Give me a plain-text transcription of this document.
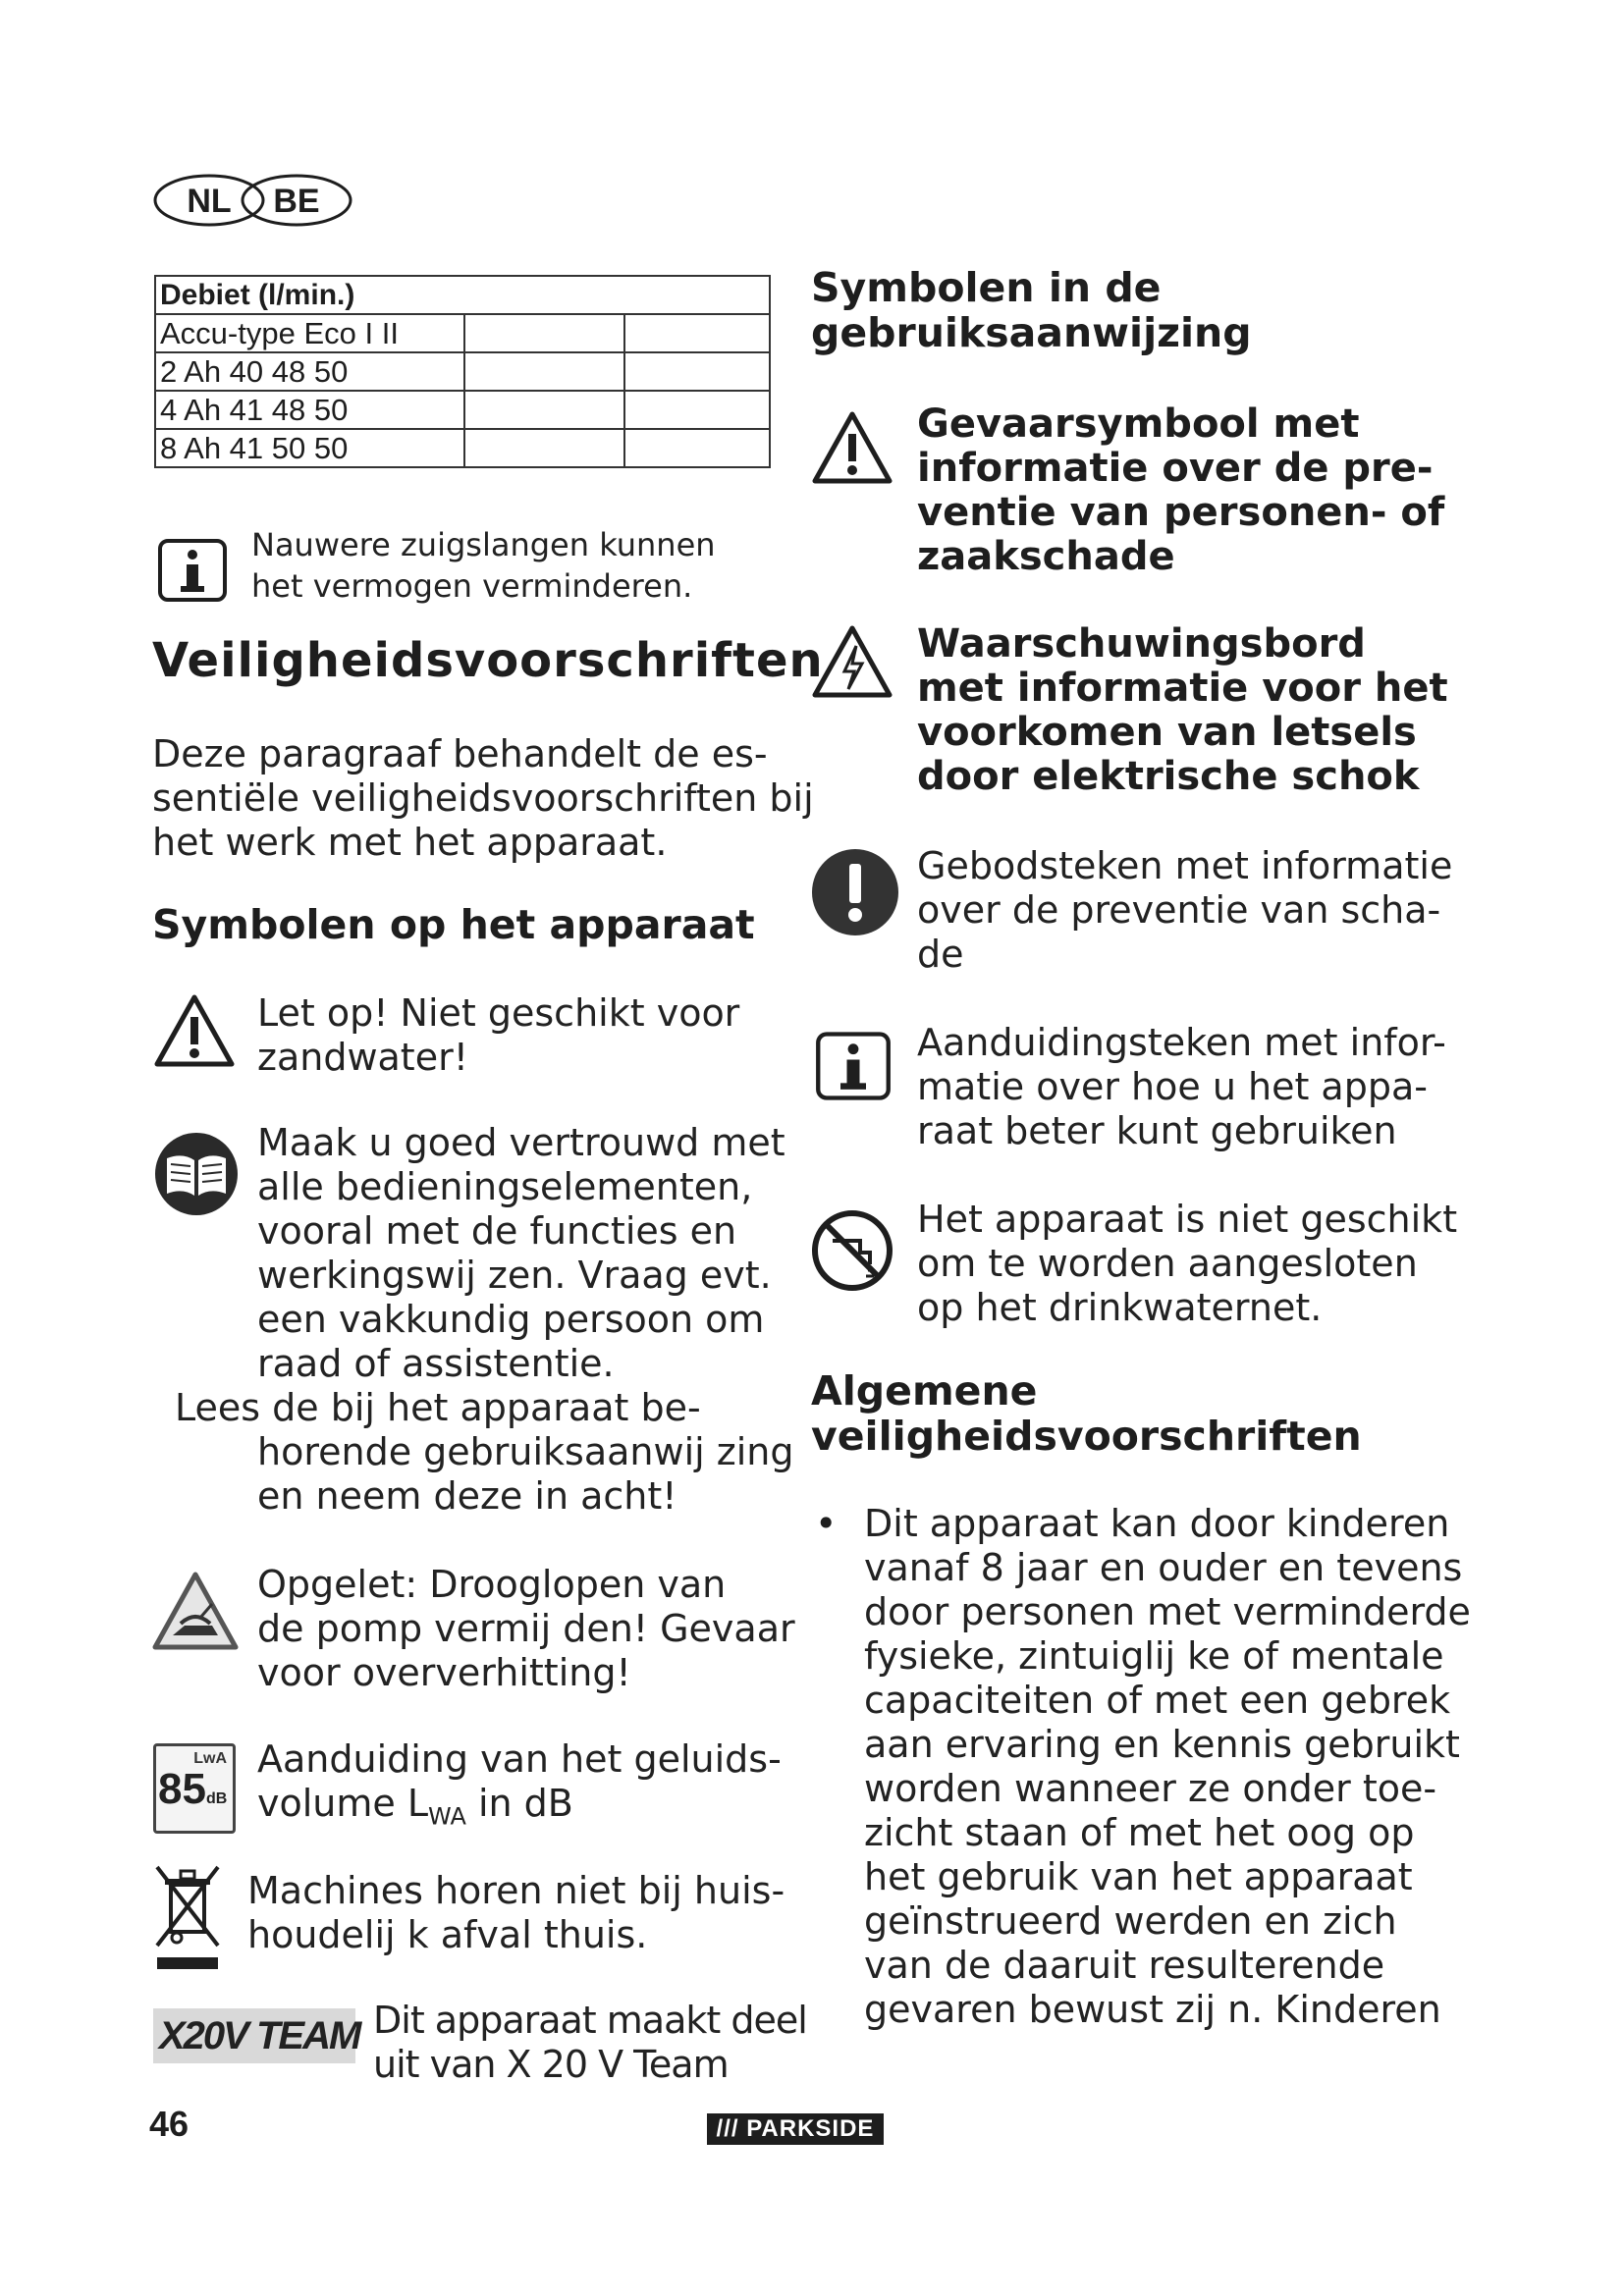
NL BE
Debiet (l/min.)		
Accu-type Eco I II		
2 Ah 40 48 50		
4 Ah 41 48 50		
8 Ah 41 50 50		
Nauwere zuigslangen kunnen
het vermogen verminderen.
Veiligheidsvoorschriften
Deze paragraaf behandelt de es-
sentiële veiligheidsvoorschriften bij
het werk met het apparaat.
Symbolen op het apparaat
Let op! Niet geschikt voor
zandwater!
Maak u goed vertrouwd met
alle bedieningselementen,
vooral met de functies en
werkingswij zen. Vraag evt.
een vakkundig persoon om
raad of assistentie.
Lees de bij het apparaat be-
horende gebruiksaanwij zing
en neem deze in acht!
Opgelet: Drooglopen van
de pomp vermij den! Gevaar
voor oververhitting!
LwA
85dB
Aanduiding van het geluids-
volume $L_{WA}$ in dB
Machines horen niet bij huis-
houdelij k afval thuis.
X20V TEAM Dit apparaat maakt deel
uit van X 20 V Team
Symbolen in de
gebruiksaanwijzing
Gevaarsymbool met
informatie over de pre-
ventie van personen- of
zaakschade
Waarschuwingsbord
met informatie voor het
voorkomen van letsels
door elektrische schok
Gebodsteken met informatie
over de preventie van scha-
de
Aanduidingsteken met infor-
matie over hoe u het appa-
raat beter kunt gebruiken
Het apparaat is niet geschikt
om te worden aangesloten
op het drinkwaternet.
Algemene
veiligheidsvoorschriften
• Dit apparaat kan door kinderen
vanaf 8 jaar en ouder en tevens
door personen met verminderde
fysieke, zintuiglij ke of mentale
capaciteiten of met een gebrek
aan ervaring en kennis gebruikt
worden wanneer ze onder toe-
zicht staan of met het oog op
het gebruik van het apparaat
geïnstrueerd werden en zich
van de daaruit resulterende
gevaren bewust zij n. Kinderen
46	/// PARKSIDE
